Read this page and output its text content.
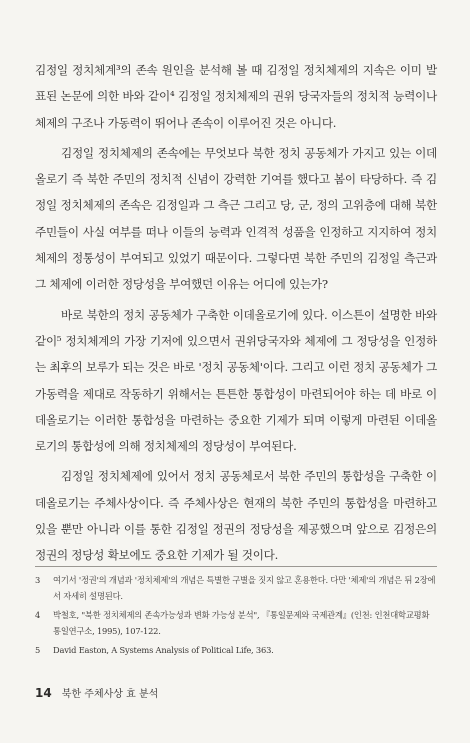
김정일 정치체계³의 존속 원인을 분석해 볼 때 김정일 정치체제의 지속은 이미 발표된 논문에 의한 바와 같이⁴ 김정일 정치체제의 권위 당국자들의 정치적 능력이나 체제의 구조나 가동력이 뛰어나 존속이 이루어진 것은 아니다.

김정일 정치체제의 존속에는 무엇보다 북한 정치 공동체가 가지고 있는 이데올로기 즉 북한 주민의 정치적 신념이 강력한 기여를 했다고 봄이 타당하다. 즉 김정일 정치체제의 존속은 김정일과 그 측근 그리고 당, 군, 정의 고위층에 대해 북한 주민들이 사실 여부를 떠나 이들의 능력과 인격적 성품을 인정하고 지지하여 정치체제의 정통성이 부여되고 있었기 때문이다. 그렇다면 북한 주민의 김정일 측근과 그 체제에 이러한 정당성을 부여했던 이유는 어디에 있는가?

바로 북한의 정치 공동체가 구축한 이데올로기에 있다. 이스튼이 설명한 바와 같이⁵ 정치체계의 가장 기저에 있으면서 권위당국자와 체제에 그 정당성을 인정하는 최후의 보루가 되는 것은 바로 '정치 공동체'이다. 그리고 이런 정치 공동체가 그 가동력을 제대로 작동하기 위해서는 튼튼한 통합성이 마련되어야 하는 데 바로 이데올로기는 이러한 통합성을 마련하는 중요한 기제가 되며 이렇게 마련된 이데올로기의 통합성에 의해 정치체제의 정당성이 부여된다.

김정일 정치체제에 있어서 정치 공동체로서 북한 주민의 통합성을 구축한 이데올로기는 주체사상이다. 즉 주체사상은 현재의 북한 주민의 통합성을 마련하고 있을 뿐만 아니라 이를 통한 김정일 정권의 정당성을 제공했으며 앞으로 김정은의 정권의 정당성 확보에도 중요한 기제가 될 것이다.

3	여기서 '정권'의 개념과 '정치체제'의 개념은 특별한 구별을 짓지 않고 혼용한다. 다만 '체제'의 개념은 뒤 2장에서 자세히 설명된다.
4	박철호, "북한 정치체제의 존속가능성과 변화 가능성 분석", 『통일문제와 국제관계』(인천: 인천대학교평화통일연구소, 1995), 107-122.
5	David Easton, A Systems Analysis of Political Life, 363.
14 북한 주체사상 효 분석
